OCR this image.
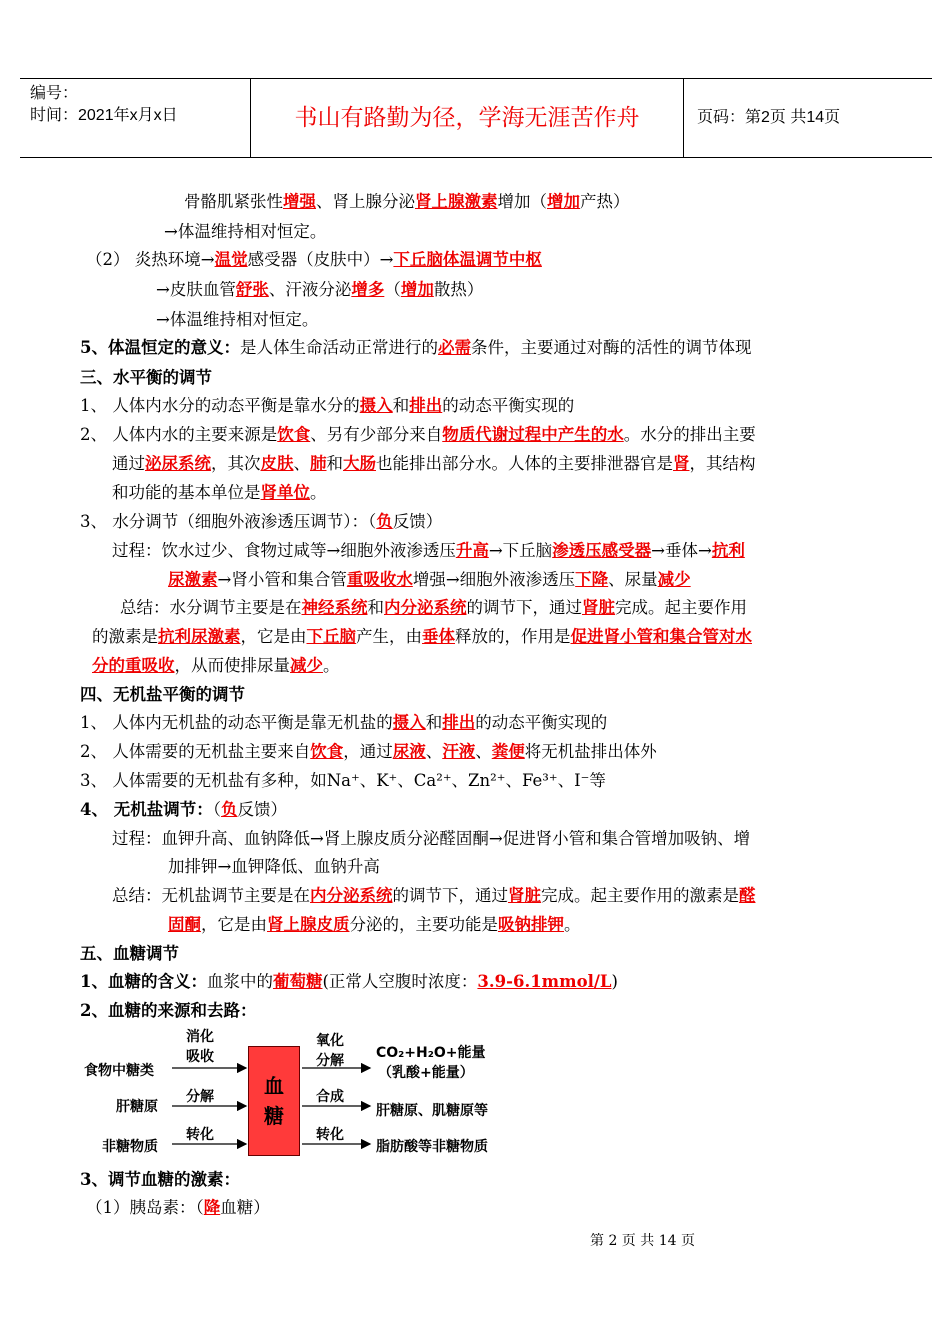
编号：
时间：2021年x月x日	书山有路勤为径，学海无涯苦作舟	页码：第2页 共14页
骨骼肌紧张性增强、肾上腺分泌肾上腺激素增加（增加产热）
→体温维持相对恒定。
（2） 炎热环境→温觉感受器（皮肤中）→下丘脑体温调节中枢
→皮肤血管舒张、汗液分泌增多（增加散热）
→体温维持相对恒定。
5、体温恒定的意义：是人体生命活动正常进行的必需条件，主要通过对酶的活性的调节体现
三、水平衡的调节
1、 人体内水分的动态平衡是靠水分的摄入和排出的动态平衡实现的
2、 人体内水的主要来源是饮食、另有少部分来自物质代谢过程中产生的水。水分的排出主要
通过泌尿系统，其次皮肤、肺和大肠也能排出部分水。人体的主要排泄器官是肾，其结构
和功能的基本单位是肾单位。
3、 水分调节（细胞外液渗透压调节）：（负反馈）
过程：饮水过少、食物过咸等→细胞外液渗透压升高→下丘脑渗透压感受器→垂体→抗利
尿激素→肾小管和集合管重吸收水增强→细胞外液渗透压下降、尿量减少
总结：水分调节主要是在神经系统和内分泌系统的调节下，通过肾脏完成。起主要作用
的激素是抗利尿激素，它是由下丘脑产生，由垂体释放的，作用是促进肾小管和集合管对水
分的重吸收，从而使排尿量减少。
四、无机盐平衡的调节
1、 人体内无机盐的动态平衡是靠无机盐的摄入和排出的动态平衡实现的
2、 人体需要的无机盐主要来自饮食，通过尿液、汗液、粪便将无机盐排出体外
3、 人体需要的无机盐有多种，如Na⁺、K⁺、Ca²⁺、Zn²⁺、Fe³⁺、I⁻等
4、 无机盐调节：（负反馈）
过程：血钾升高、血钠降低→肾上腺皮质分泌醛固酮→促进肾小管和集合管增加吸钠、增
加排钾→血钾降低、血钠升高
总结：无机盐调节主要是在内分泌系统的调节下，通过肾脏完成。起主要作用的激素是醛
固酮，它是由肾上腺皮质分泌的，主要功能是吸钠排钾。
五、血糖调节
1、血糖的含义：血浆中的葡萄糖(正常人空腹时浓度：3.9-6.1mmol/L)
2、血糖的来源和去路：
3、调节血糖的激素：
（1）胰岛素：（降血糖）
食物中糖类
肝糖原
非糖物质
消化
吸收
分解
转化
血
糖
氧化
分解
合成
转化
CO₂+H₂O+能量
（乳酸+能量）
肝糖原、肌糖原等
脂肪酸等非糖物质
第 2 页 共 14 页
